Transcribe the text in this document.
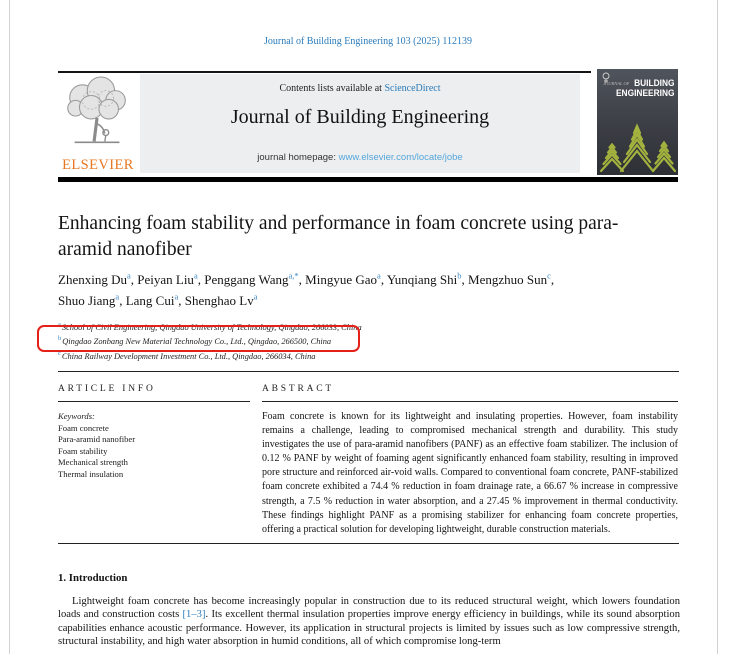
Journal of Building Engineering 103 (2025) 112139
ELSEVIER
Contents lists available at ScienceDirect
Journal of Building Engineering
journal homepage: www.elsevier.com/locate/jobe
JOURNAL OF BUILDING
ENGINEERING
Enhancing foam stability and performance in foam concrete using para-aramid nanofiber
Zhenxing Du$^a$, Peiyan Liu$^a$, Penggang Wang$^{a,*}$, Mingyue Gao$^a$, Yunqiang Shi$^b$, Mengzhuo Sun$^c$, Shuo Jiang$^a$, Lang Cui$^a$, Shenghao Lv$^a$
$^a$School of Civil Engineering, Qingdao University of Technology, Qingdao, 266033, China
$^b$Qingdao Zonbang New Material Technology Co., Ltd., Qingdao, 266500, China
$^c$China Railway Development Investment Co., Ltd., Qingdao, 266034, China
ARTICLE INFO
Keywords:
Foam concrete
Para-aramid nanofiber
Foam stability
Mechanical strength
Thermal insulation
ABSTRACT
Foam concrete is known for its lightweight and insulating properties. However, foam instability remains a challenge, leading to compromised mechanical strength and durability. This study investigates the use of para-aramid nanofibers (PANF) as an effective foam stabilizer. The inclusion of 0.12 % PANF by weight of foaming agent significantly enhanced foam stability, resulting in improved pore structure and reinforced air-void walls. Compared to conventional foam concrete, PANF-stabilized foam concrete exhibited a 74.4 % reduction in foam drainage rate, a 66.67 % increase in compressive strength, a 7.5 % reduction in water absorption, and a 27.45 % improvement in thermal conductivity. These findings highlight PANF as a promising stabilizer for enhancing foam concrete properties, offering a practical solution for developing lightweight, durable construction materials.
1. Introduction
Lightweight foam concrete has become increasingly popular in construction due to its reduced structural weight, which lowers foundation loads and construction costs [1–3]. Its excellent thermal insulation properties improve energy efficiency in buildings, while its sound absorption capabilities enhance acoustic performance. However, its application in structural projects is limited by issues such as low compressive strength, structural instability, and high water absorption in humid conditions, all of which compromise long-term
